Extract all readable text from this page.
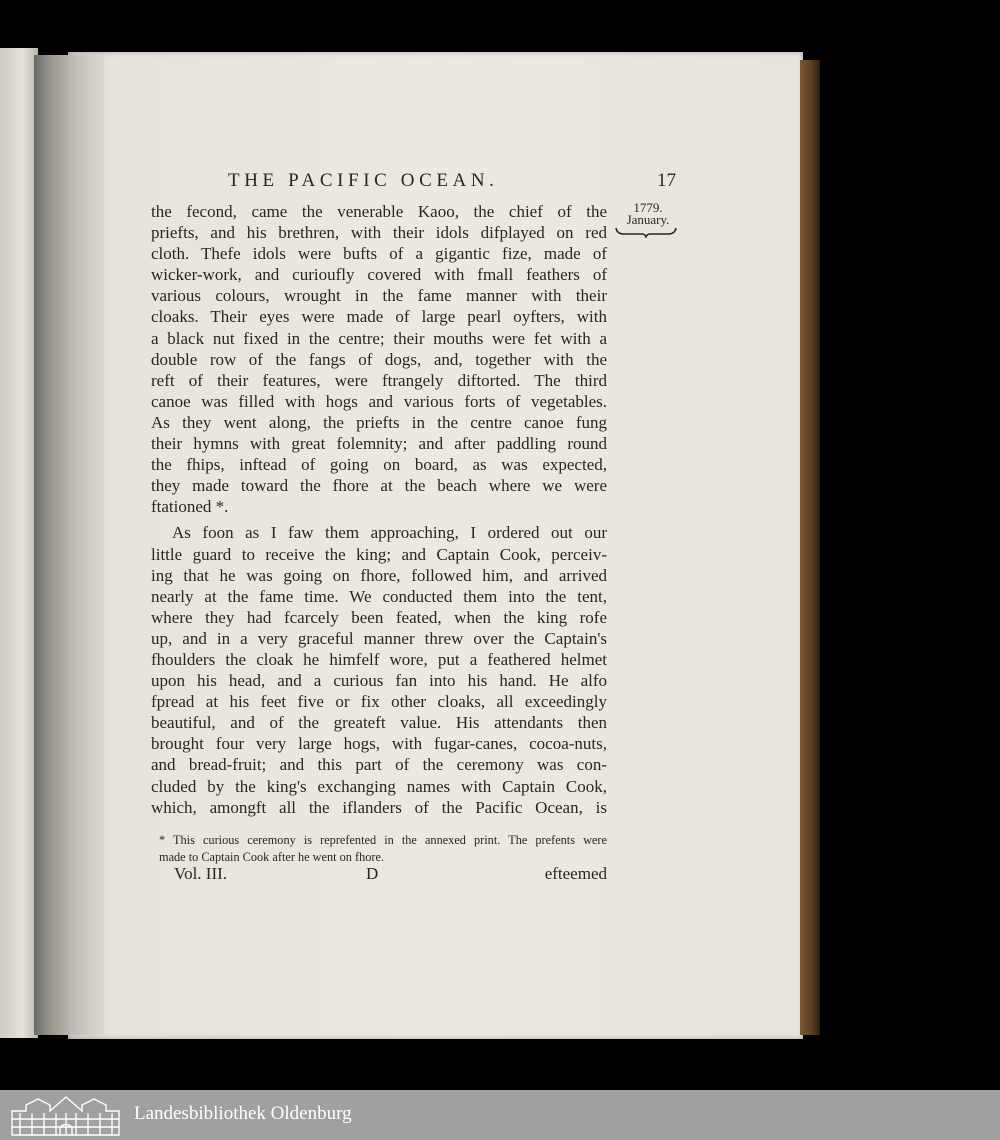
THE PACIFIC OCEAN.	17
1779.
January.
the fecond, came the venerable Kaoo, the chief of the
priefts, and his brethren, with their idols difplayed on red
cloth. Thefe idols were bufts of a gigantic fize, made of
wicker-work, and curioufly covered with fmall feathers of
various colours, wrought in the fame manner with their
cloaks. Their eyes were made of large pearl oyfters, with
a black nut fixed in the centre; their mouths were fet with a
double row of the fangs of dogs, and, together with the
reft of their features, were ftrangely diftorted. The third
canoe was filled with hogs and various forts of vegetables.
As they went along, the priefts in the centre canoe fung
their hymns with great folemnity; and after paddling round
the fhips, inftead of going on board, as was expected,
they made toward the fhore at the beach where we were
ftationed *.
As foon as I faw them approaching, I ordered out our
little guard to receive the king; and Captain Cook, perceiv-
ing that he was going on fhore, followed him, and arrived
nearly at the fame time. We conducted them into the tent,
where they had fcarcely been feated, when the king rofe
up, and in a very graceful manner threw over the Captain's
fhoulders the cloak he himfelf wore, put a feathered helmet
upon his head, and a curious fan into his hand. He alfo
fpread at his feet five or fix other cloaks, all exceedingly
beautiful, and of the greateft value. His attendants then
brought four very large hogs, with fugar-canes, cocoa-nuts,
and bread-fruit; and this part of the ceremony was con-
cluded by the king's exchanging names with Captain Cook,
which, amongft all the iflanders of the Pacific Ocean, is
* This curious ceremony is reprefented in the annexed print. The prefents were
made to Captain Cook after he went on fhore.
Vol. III.	D	efteemed
Landesbibliothek Oldenburg
